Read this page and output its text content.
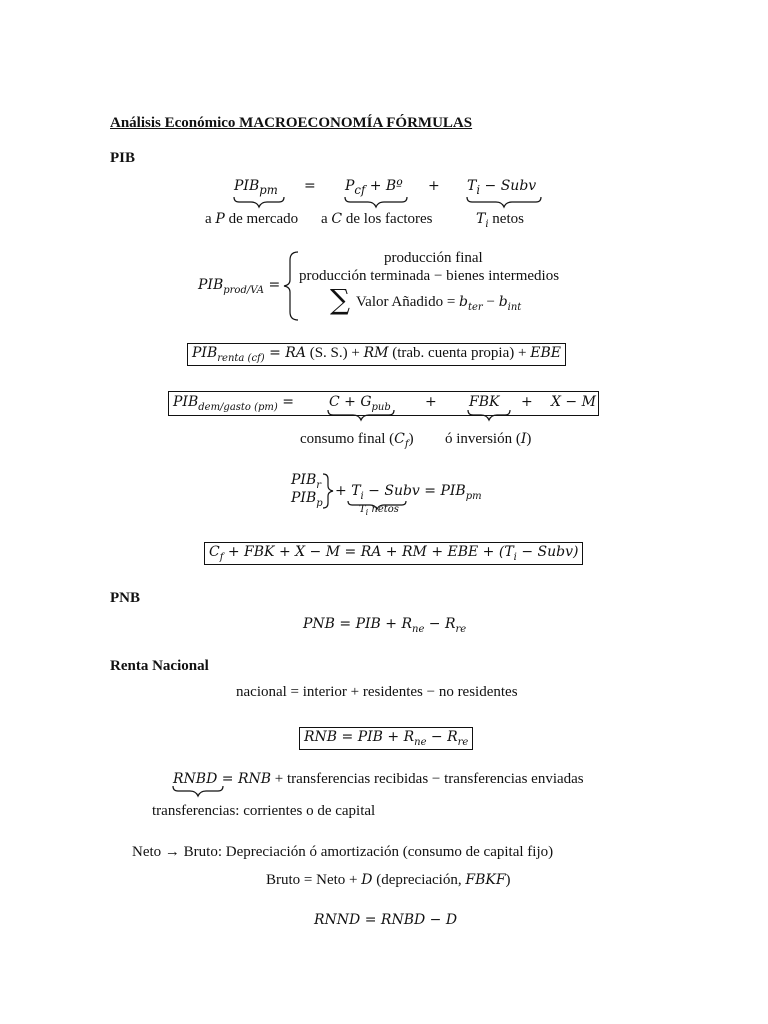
Análisis Económico MACROECONOMÍA FÓRMULAS
PIB
$PIB_{pm} = P_{cf}$ + Bº + $T_i$ − Subv
a P de mercado a C de los factores	$T_i$ netos
$PIB_{prod/VA}$ =
producción final
producción terminada − bienes intermedios
∑ Valor Añadido = $b_{ter} - b_{int}$
$PIB_{renta (cf)}$ = RA (S. S.) + RM (trab. cuenta propia) + EBE
$PIB_{dem/gasto (pm)} = C + G_{pub}$ + FBK + X − M
consumo final $(C_f)$ ó inversión (I)
$PIB_r$
$PIB_p$
+ $T_i$ − Subv = $PIB_{pm}$
$T_i$ netos
$C_f$ + FBK + X − M = RA + RM + EBE + ($T_i$ − Subv)
PNB
PNB = PIB + $R_{ne} - R_{re}$
Renta Nacional
nacional = interior + residentes − no residentes
RNB = PIB + $R_{ne} - R_{re}$
RNBD = RNB + transferencias recibidas − transferencias enviadas
transferencias: corrientes o de capital
Neto → Bruto: Depreciación ó amortización (consumo de capital fijo)
Bruto = Neto + D (depreciación, FBKF)
RNND = RNBD − D
